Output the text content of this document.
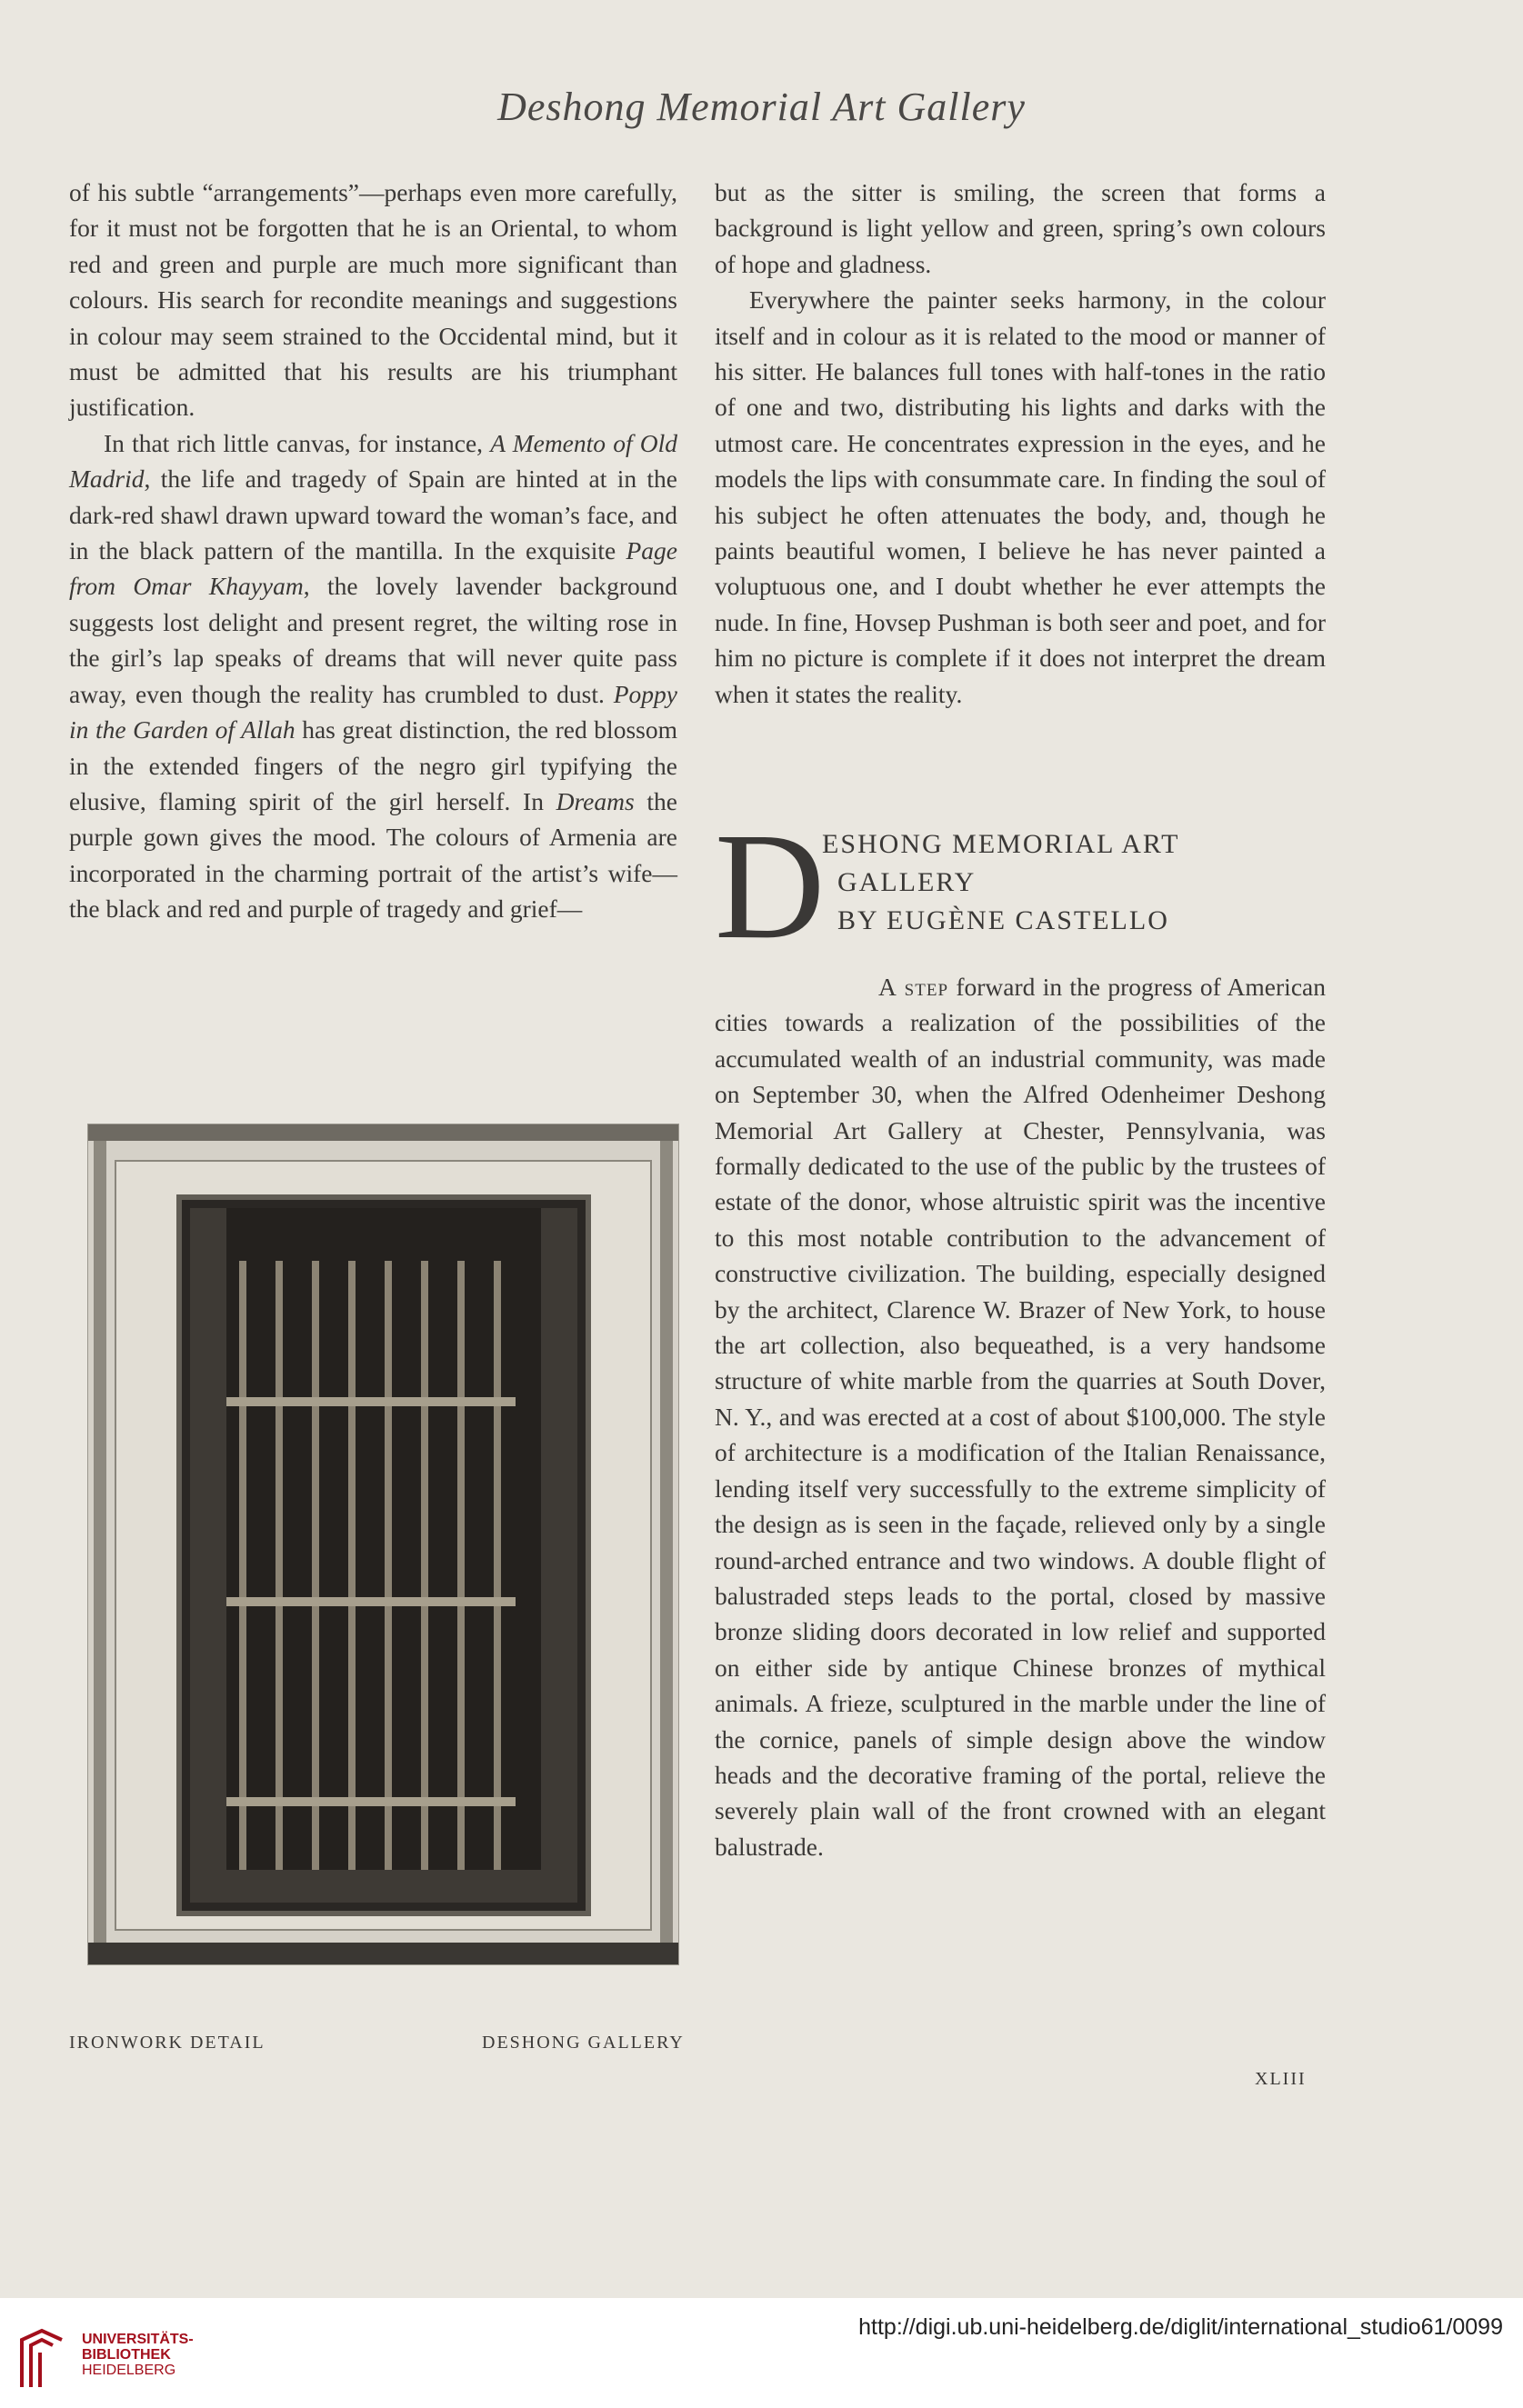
Deshong Memorial Art Gallery

of his subtle “arrangements”—perhaps even more carefully, for it must not be forgotten that he is an Oriental, to whom red and green and purple are much more significant than colours. His search for recondite meanings and suggestions in colour may seem strained to the Occidental mind, but it must be admitted that his results are his triumphant justification.

In that rich little canvas, for instance, A Memento of Old Madrid, the life and tragedy of Spain are hinted at in the dark-red shawl drawn upward toward the woman’s face, and in the black pattern of the mantilla. In the exquisite Page from Omar Khayyam, the lovely lavender background suggests lost delight and present regret, the wilting rose in the girl’s lap speaks of dreams that will never quite pass away, even though the reality has crumbled to dust. Poppy in the Garden of Allah has great distinction, the red blossom in the extended fingers of the negro girl typifying the elusive, flaming spirit of the girl herself. In Dreams the purple gown gives the mood. The colours of Armenia are incorporated in the charming portrait of the artist’s wife—the black and red and purple of tragedy and grief—

IRONWORK DETAIL	DESHONG GALLERY

but as the sitter is smiling, the screen that forms a background is light yellow and green, spring’s own colours of hope and gladness.

Everywhere the painter seeks harmony, in the colour itself and in colour as it is related to the mood or manner of his sitter. He balances full tones with half-tones in the ratio of one and two, distributing his lights and darks with the utmost care. He concentrates expression in the eyes, and he models the lips with consummate care. In finding the soul of his subject he often attenuates the body, and, though he paints beautiful women, I believe he has never painted a voluptuous one, and I doubt whether he ever attempts the nude. In fine, Hovsep Pushman is both seer and poet, and for him no picture is complete if it does not interpret the dream when it states the reality.

D
ESHONG MEMORIAL ART
GALLERY
BY EUGÈNE CASTELLO

A step forward in the progress of American cities towards a realization of the possibilities of the accumulated wealth of an industrial community, was made on September 30, when the Alfred Odenheimer Deshong Memorial Art Gallery at Chester, Pennsylvania, was formally dedicated to the use of the public by the trustees of estate of the donor, whose altruistic spirit was the incentive to this most notable contribution to the advancement of constructive civilization. The building, especially designed by the architect, Clarence W. Brazer of New York, to house the art collection, also bequeathed, is a very handsome structure of white marble from the quarries at South Dover, N. Y., and was erected at a cost of about $100,000. The style of architecture is a modification of the Italian Renaissance, lending itself very successfully to the extreme simplicity of the design as is seen in the façade, relieved only by a single round-arched entrance and two windows. A double flight of balustraded steps leads to the portal, closed by massive bronze sliding doors decorated in low relief and supported on either side by antique Chinese bronzes of mythical animals. A frieze, sculptured in the marble under the line of the cornice, panels of simple design above the window heads and the decorative framing of the portal, relieve the severely plain wall of the front crowned with an elegant balustrade.

XLIII
UNIVERSITÄTS-
BIBLIOTHEK
HEIDELBERG
http://digi.ub.uni-heidelberg.de/diglit/international_studio61/0099
